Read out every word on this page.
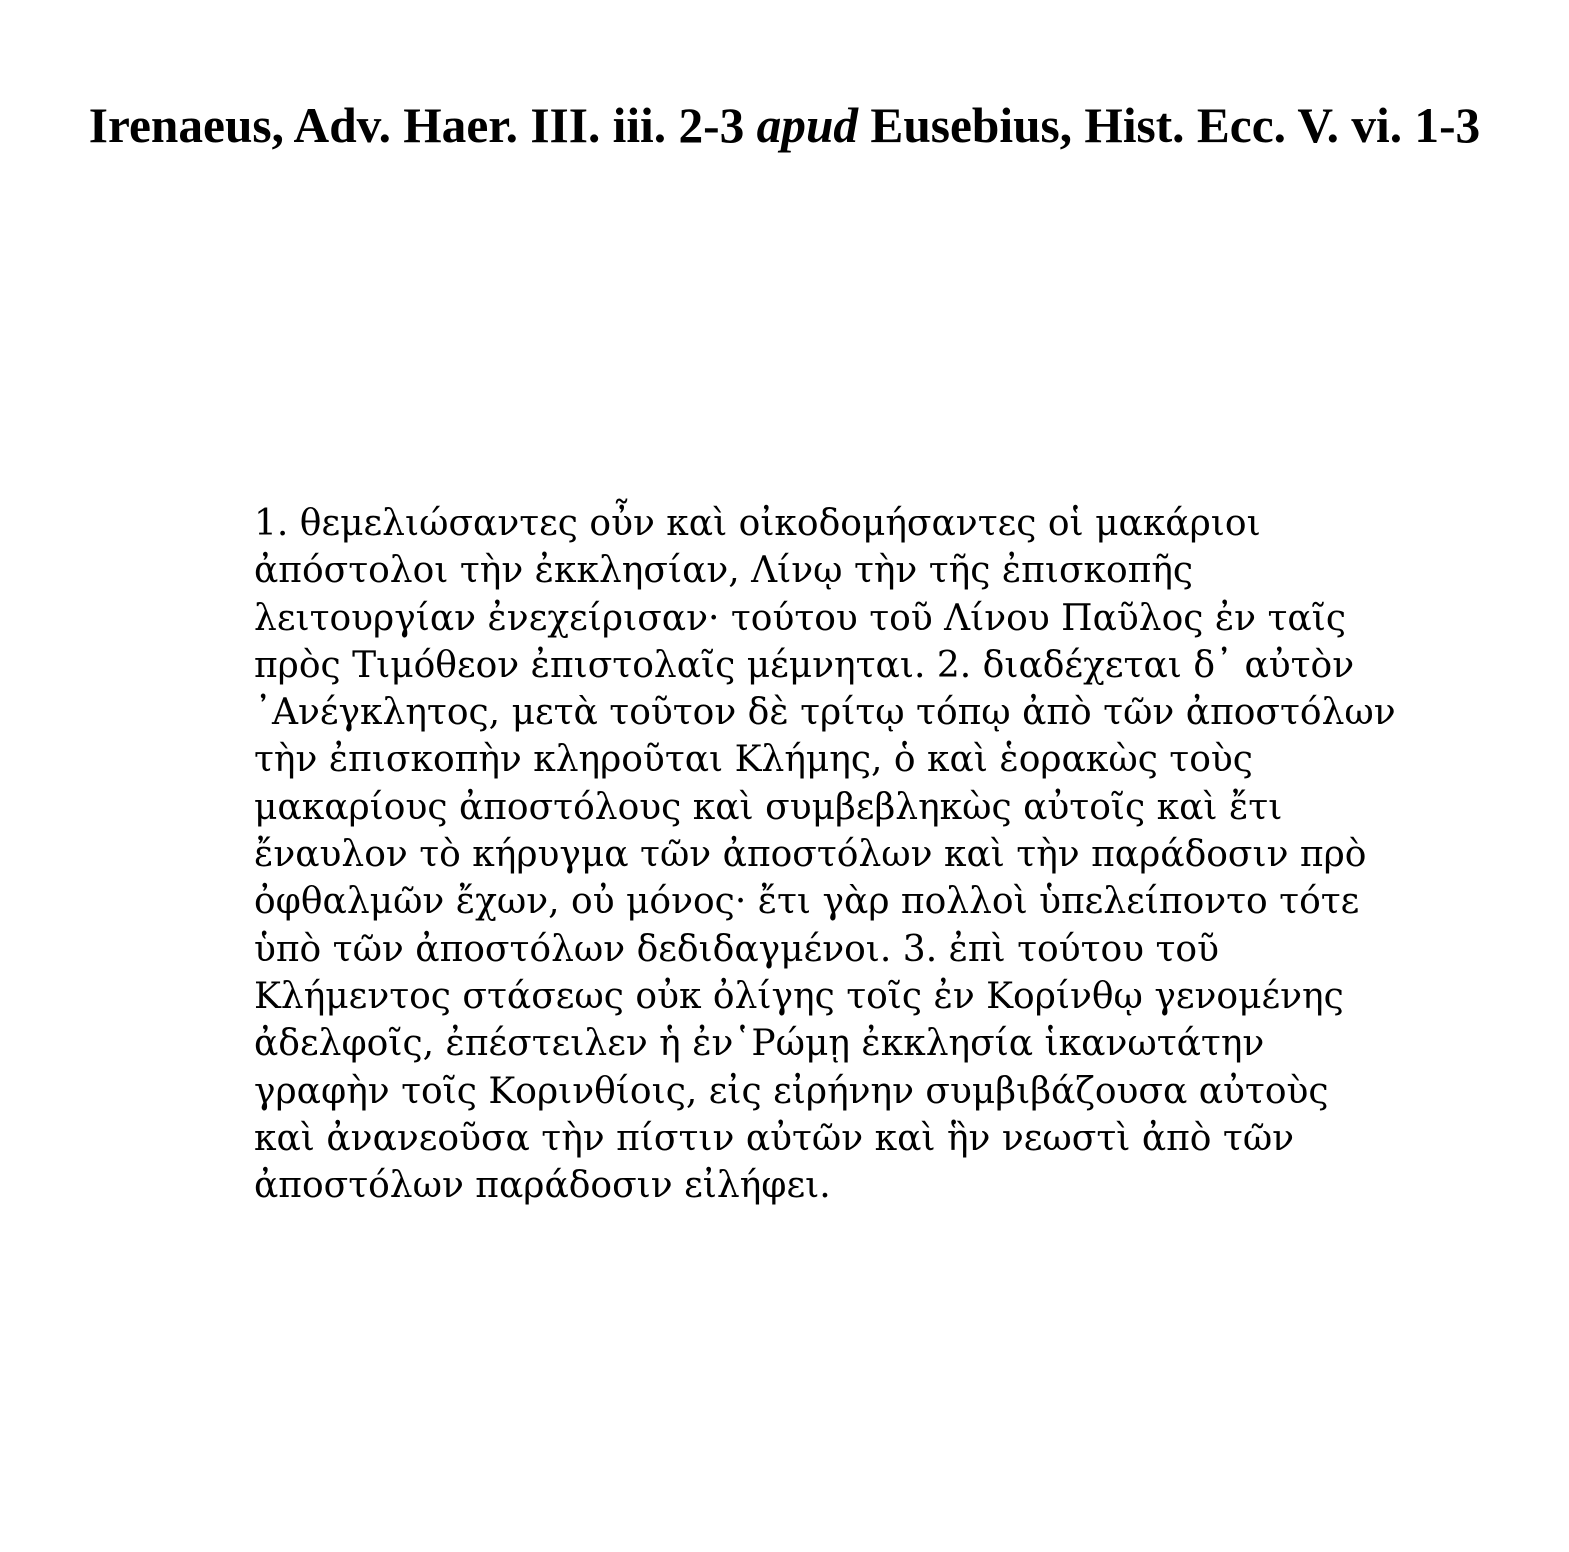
Irenaeus, Adv. Haer. III. iii. 2-3 apud Eusebius, Hist. Ecc. V. vi. 1-3
1. θεμελιώσαντες οὖν καὶ οἰκοδομήσαντες οἱ μακάριοι
ἀπόστολοι τὴν ἐκκλησίαν, Λίνῳ τὴν τῆς ἐπισκοπῆς
λειτουργίαν ἐνεχείρισαν· τούτου τοῦ Λίνου Παῦλος ἐν ταῖς
πρὸς Τιμόθεον ἐπιστολαῖς μέμνηται. 2. διαδέχεται δ᾽ αὐτὸν
᾽Ανέγκλητος, μετὰ τοῦτον δὲ τρίτῳ τόπῳ ἀπὸ τῶν ἀποστόλων
τὴν ἐπισκοπὴν κληροῦται Κλήμης, ὁ καὶ ἑορακὼς τοὺς
μακαρίους ἀποστόλους καὶ συμβεβληκὼς αὐτοῖς καὶ ἔτι
ἔναυλον τὸ κήρυγμα τῶν ἀποστόλων καὶ τὴν παράδοσιν πρὸ
ὀφθαλμῶν ἔχων, οὐ μόνος· ἔτι γὰρ πολλοὶ ὑπελείποντο τότε
ὑπὸ τῶν ἀποστόλων δεδιδαγμένοι. 3. ἐπὶ τούτου τοῦ
Κλήμεντος στάσεως οὐκ ὀλίγης τοῖς ἐν Κορίνθῳ γενομένης
ἀδελφοῖς, ἐπέστειλεν ἡ ἐν῾Ρώμῃ ἐκκλησία ἱκανωτάτην
γραφὴν τοῖς Κορινθίοις, εἰς εἰρήνην συμβιβάζουσα αὐτοὺς
καὶ ἀνανεοῦσα τὴν πίστιν αὐτῶν καὶ ἣν νεωστὶ ἀπὸ τῶν
ἀποστόλων παράδοσιν εἰλήφει.
